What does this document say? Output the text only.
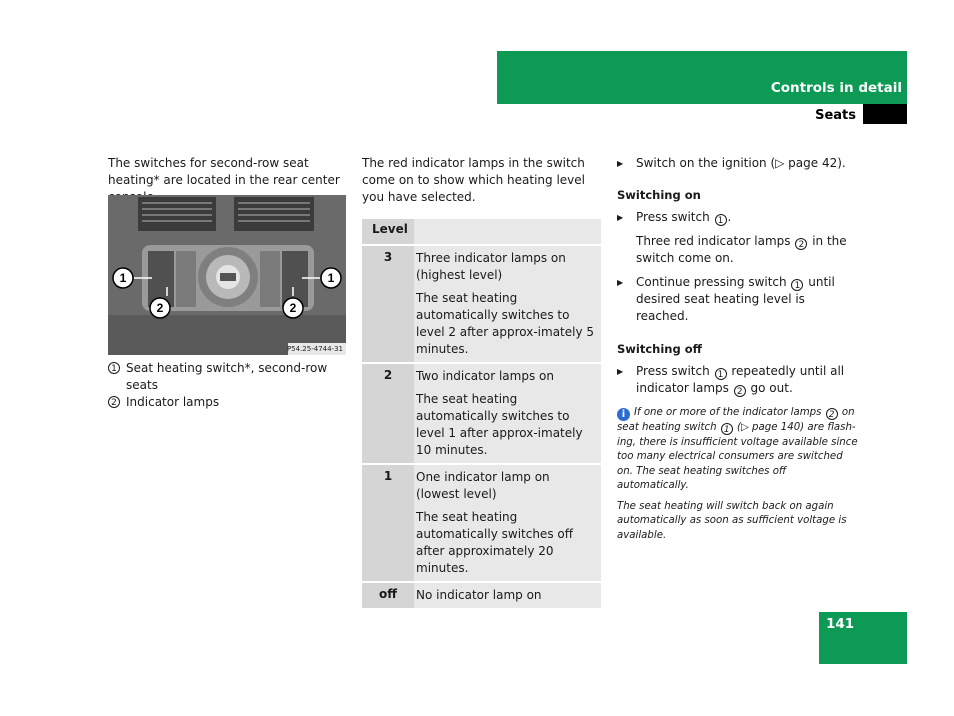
Controls in detail
Seats

The switches for second-row seat heating* are located in the rear center

1
2
1
2
P54.25-4744-31
1 Seat heating switch*, second-row seats
2 Indicator lamps

The red indicator lamps in the switch come on to show which heating level you have selected.

Level	
3	Three indicator lamps on
(highest level)
The seat heating automatically switches to level 2 after approx-imately 5 minutes.

2	Two indicator lamps on
The seat heating automatically switches to level 1 after approx-imately 10 minutes.

1	One indicator lamp on
(lowest level)
The seat heating automatically switches off after approximately 20 minutes.

off	No indicator lamp on
▶	Switch on the ignition (▷ page 42).

Switching on

▶	Press switch 1 .
Three red indicator lamps 2 in the switch come on.
▶	Continue pressing switch 1 until desired seat heating level is reached.

Switching off

▶	Press switch 1 repeatedly until all indicator lamps 2 go out.
i If one or more of the indicator lamps 2 on seat heating switch 1 (▷ page 140) are flash-ing, there is insufficient voltage available since too many electrical consumers are switched on. The seat heating switches off automatically.
The seat heating will switch back on again automatically as soon as sufficient voltage is available.
141
